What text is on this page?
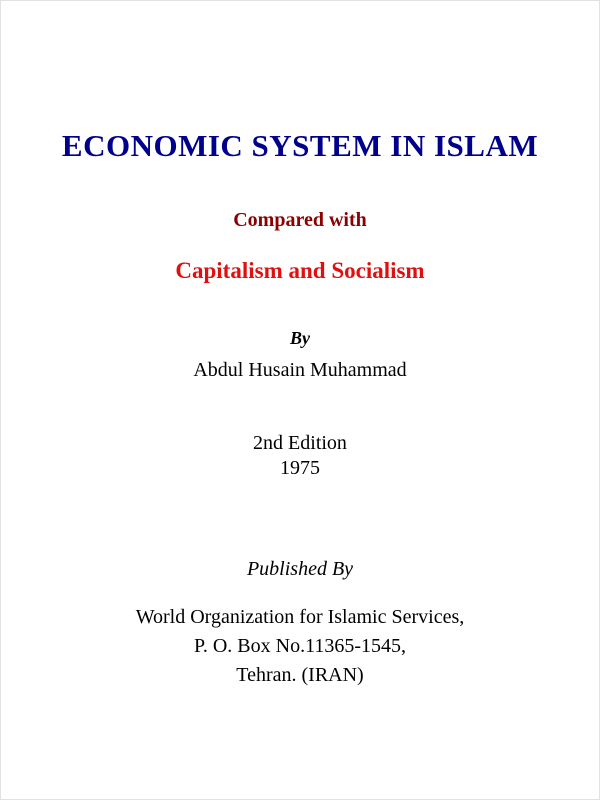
ECONOMIC SYSTEM IN ISLAM
Compared with
Capitalism and Socialism
By
Abdul Husain Muhammad
2nd Edition
1975
Published By
World Organization for Islamic Services,
P. O. Box No.11365-1545,
Tehran. (IRAN)
